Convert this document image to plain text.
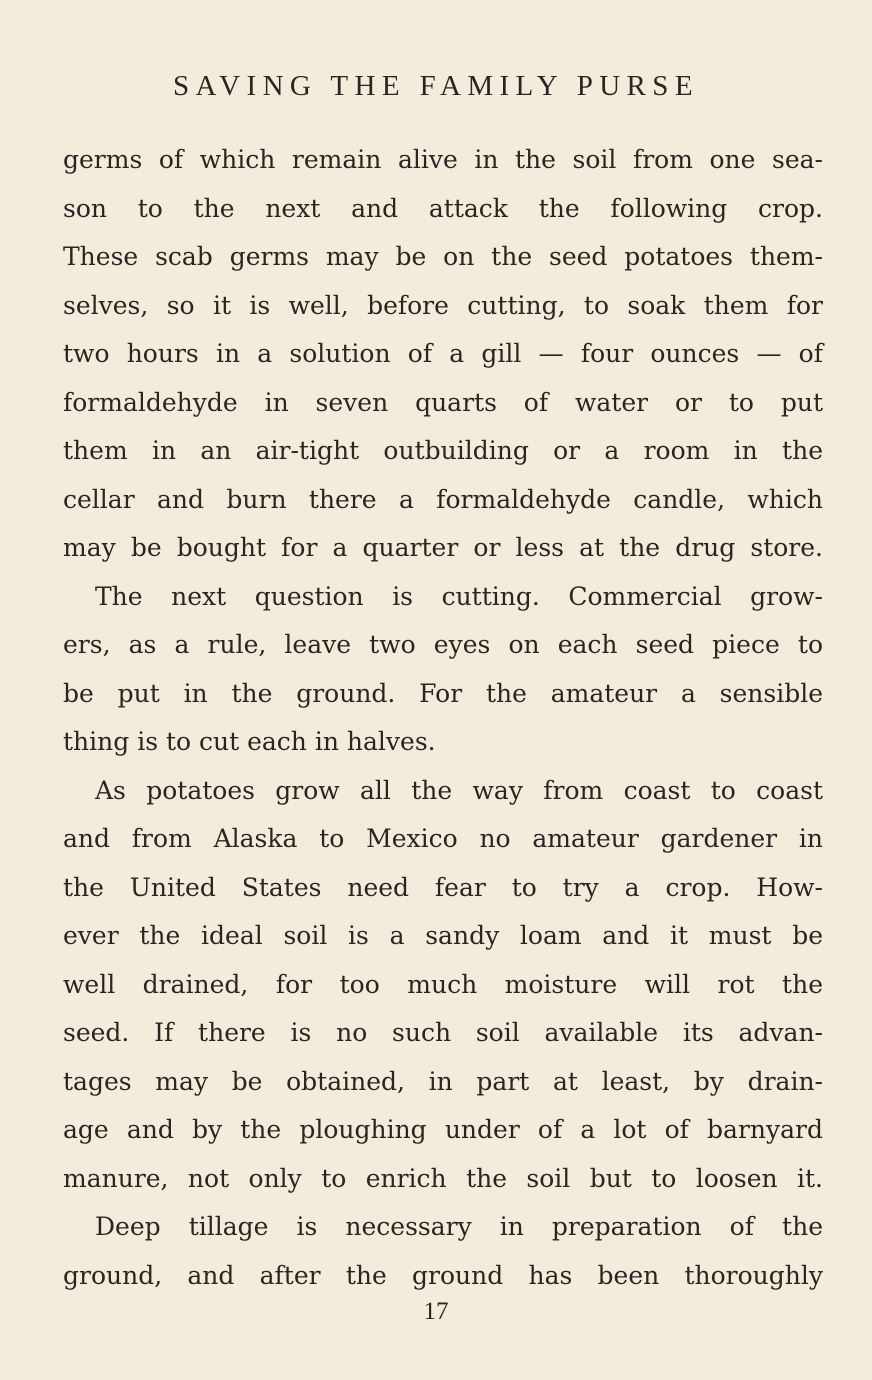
SAVING THE FAMILY PURSE
germs of which remain alive in the soil from one sea-
son to the next and attack the following crop.
These scab germs may be on the seed potatoes them-
selves, so it is well, before cutting, to soak them for
two hours in a solution of a gill — four ounces — of
formaldehyde in seven quarts of water or to put
them in an air-tight outbuilding or a room in the
cellar and burn there a formaldehyde candle, which
may be bought for a quarter or less at the drug store.
The next question is cutting. Commercial grow-
ers, as a rule, leave two eyes on each seed piece to
be put in the ground. For the amateur a sensible
thing is to cut each in halves.
As potatoes grow all the way from coast to coast
and from Alaska to Mexico no amateur gardener in
the United States need fear to try a crop. How-
ever the ideal soil is a sandy loam and it must be
well drained, for too much moisture will rot the
seed. If there is no such soil available its advan-
tages may be obtained, in part at least, by drain-
age and by the ploughing under of a lot of barnyard
manure, not only to enrich the soil but to loosen it.
Deep tillage is necessary in preparation of the
ground, and after the ground has been thoroughly
17
